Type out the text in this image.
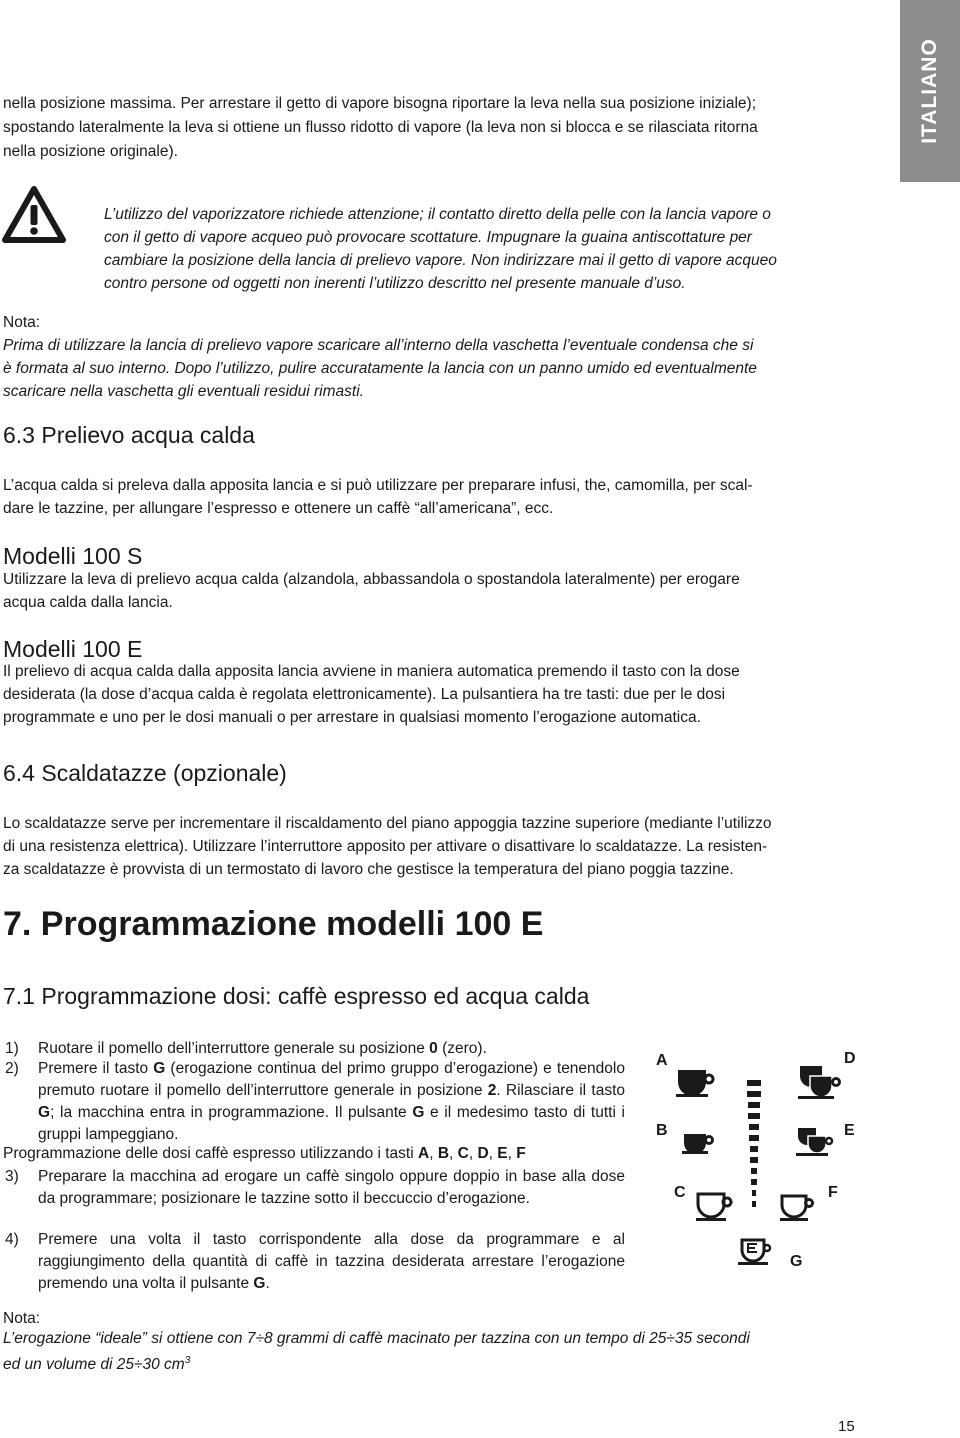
ITALIANO

nella posizione massima. Per arrestare il getto di vapore bisogna riportare la leva nella sua posizione iniziale);

spostando lateralmente la leva si ottiene un flusso ridotto di vapore (la leva non si blocca e se rilasciata ritorna

nella posizione originale).

L’utilizzo del vaporizzatore richiede attenzione; il contatto diretto della pelle con la lancia vapore o

con il getto di vapore acqueo può provocare scottature. Impugnare la guaina antiscottature per

cambiare la posizione della lancia di prelievo vapore. Non indirizzare mai il getto di vapore acqueo

contro persone od oggetti non inerenti l’utilizzo descritto nel presente manuale d’uso.

Nota:

Prima di utilizzare la lancia di prelievo vapore scaricare all’interno della vaschetta l’eventuale condensa che si

è formata al suo interno. Dopo l’utilizzo, pulire accuratamente la lancia con un panno umido ed eventualmente

scaricare nella vaschetta gli eventuali residui rimasti.

6.3 Prelievo acqua calda

L’acqua calda si preleva dalla apposita lancia e si può utilizzare per preparare infusi, the, camomilla, per scal-

dare le tazzine, per allungare l’espresso e ottenere un caffè “all’americana”, ecc.

Modelli 100 S

Utilizzare la leva di prelievo acqua calda (alzandola, abbassandola o spostandola lateralmente) per erogare

acqua calda dalla lancia.

Modelli 100 E

Il prelievo di acqua calda dalla apposita lancia avviene in maniera automatica premendo il tasto con la dose

desiderata (la dose d’acqua calda è regolata elettronicamente). La pulsantiera ha tre tasti: due per le dosi

programmate e uno per le dosi manuali o per arrestare in qualsiasi momento l’erogazione automatica.

6.4 Scaldatazze (opzionale)

Lo scaldatazze serve per incrementare il riscaldamento del piano appoggia tazzine superiore (mediante l’utilizzo

di una resistenza elettrica). Utilizzare l’interruttore apposito per attivare o disattivare lo scaldatazze. La resisten-

za scaldatazze è provvista di un termostato di lavoro che gestisce la temperatura del piano poggia tazzine.

7. Programmazione modelli 100 E
7.1 Programmazione dosi: caffè espresso ed acqua calda
1) Ruotare il pomello dell’interruttore generale su posizione 0 (zero).
2) Premere il tasto G (erogazione continua del primo gruppo d’erogazione) e tenendolo premuto ruotare il pomello dell’interruttore generale in posizione 2. Rilasciare il tasto G; la macchina entra in programmazione. Il pulsante G e il medesimo tasto di tutti i gruppi lampeggiano.

Programmazione delle dosi caffè espresso utilizzando i tasti A, B, C, D, E, F

3) Preparare la macchina ad erogare un caffè singolo oppure doppio in base alla dose da programmare; posizionare le tazzine sotto il beccuccio d’erogazione.
4) Premere una volta il tasto corrispondente alla dose da programmare e al raggiungimento della quantità di caffè in tazzina desiderata arrestare l’erogazione premendo una volta il pulsante G.
A
B
C
D
E
F
G

Nota:

L’erogazione “ideale” si ottiene con 7÷8 grammi di caffè macinato per tazzina con un tempo di 25÷35 secondi

ed un volume di 25÷30 $cm^3$

15
